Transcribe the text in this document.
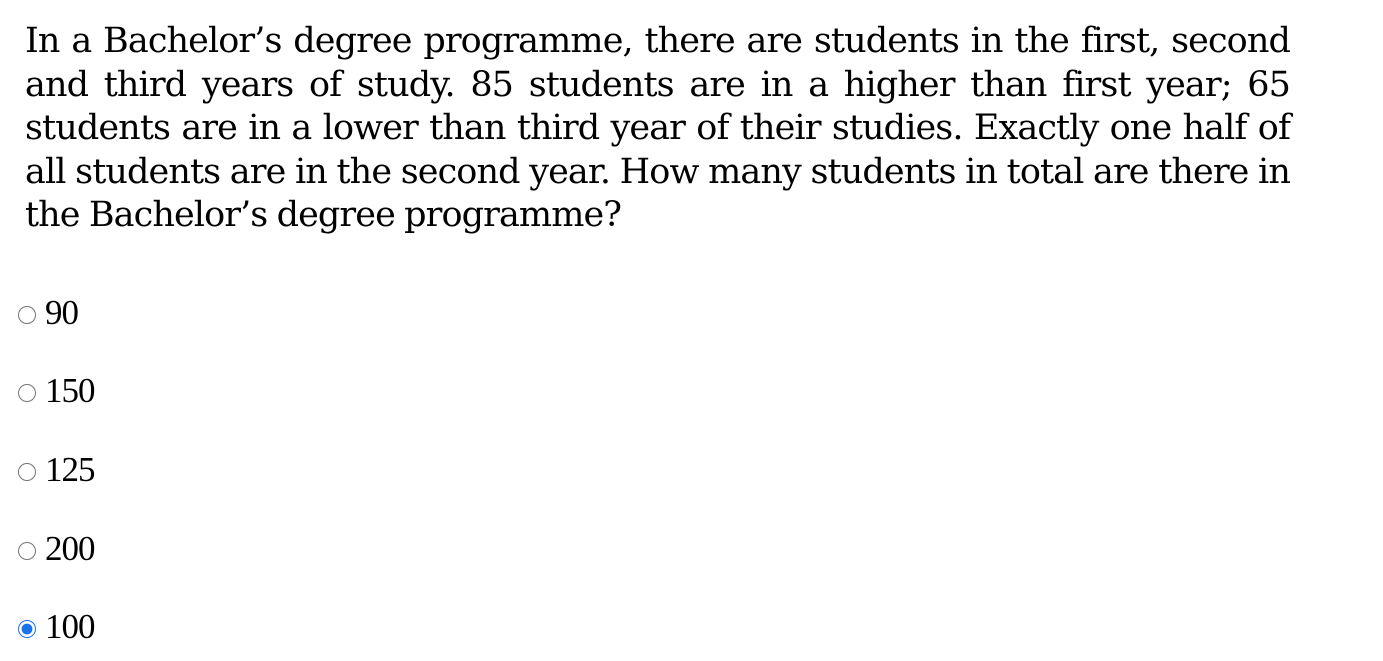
In a Bachelor’s degree programme, there are students in the first, second and third years of study. 85 students are in a higher than first year; 65 students are in a lower than third year of their studies. Exactly one half of all students are in the second year. How many students in total are there in the Bachelor’s degree programme?

90
150
125
200
100
